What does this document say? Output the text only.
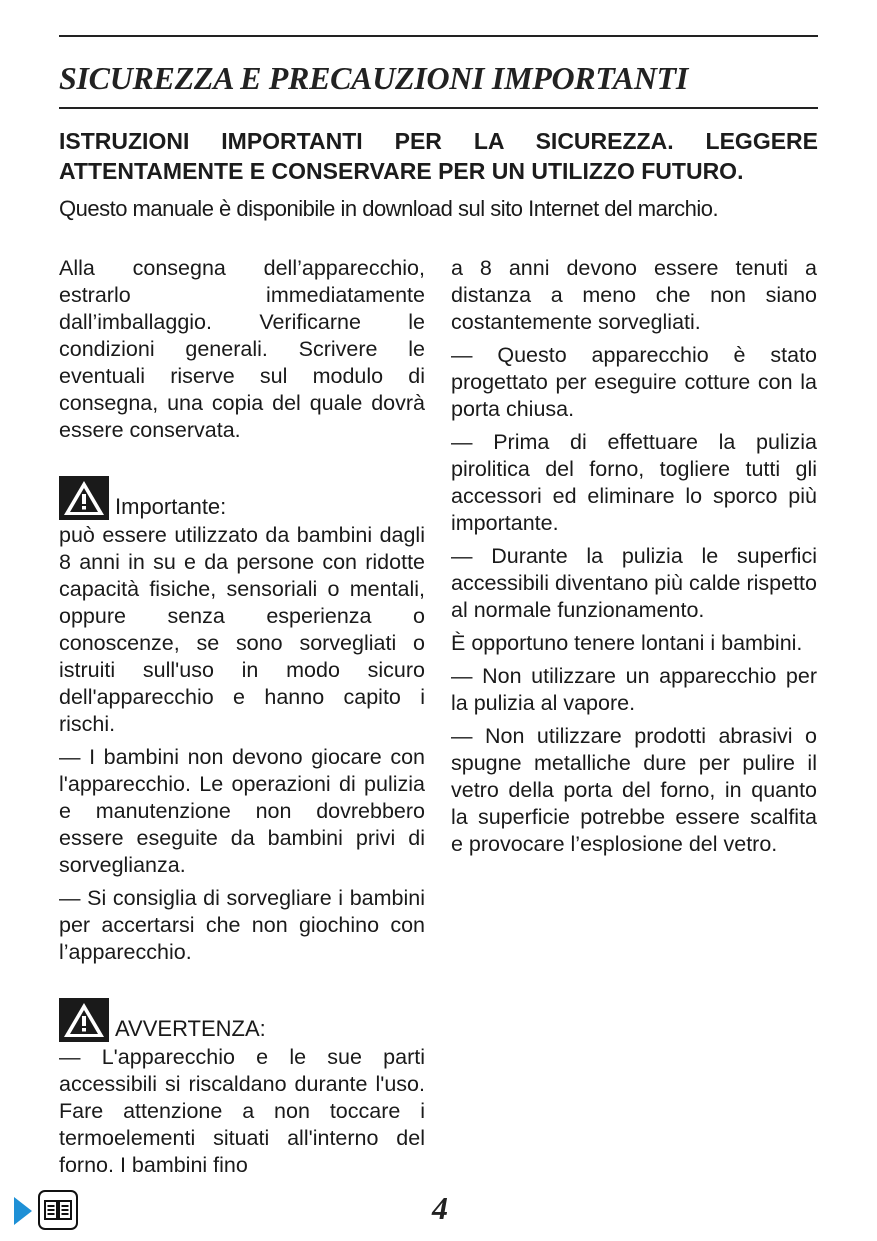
SICUREZZA E PRECAUZIONI IMPORTANTI

ISTRUZIONI IMPORTANTI PER LA SICUREZZA. LEGGERE ATTENTAMENTE E CONSERVARE PER UN UTILIZZO FUTURO.

Questo manuale è disponibile in download sul sito Internet del marchio.

Alla consegna dell’apparecchio, estrarlo immediatamente dall’imballaggio. Verificarne le condizioni generali. Scrivere le eventuali riserve sul modulo di consegna, una copia del quale dovrà essere conservata.

Importante:

può essere utilizzato da bambini dagli 8 anni in su e da persone con ridotte capacità fisiche, sensoriali o mentali, oppure senza esperienza o conoscenze, se sono sorvegliati o istruiti sull'uso in modo sicuro dell'apparecchio e hanno capito i rischi.

— I bambini non devono giocare con l'apparecchio. Le operazioni di pulizia e manutenzione non dovrebbero essere eseguite da bambini privi di sorveglianza.

— Si consiglia di sorvegliare i bambini per accertarsi che non giochino con l’apparecchio.

AVVERTENZA:

— L'apparecchio e le sue parti accessibili si riscaldano durante l'uso. Fare attenzione a non toccare i termoelementi situati all'interno del forno. I bambini fino

a 8 anni devono essere tenuti a distanza a meno che non siano costantemente sorvegliati.

— Questo apparecchio è stato progettato per eseguire cotture con la porta chiusa.

— Prima di effettuare la pulizia pirolitica del forno, togliere tutti gli accessori ed eliminare lo sporco più importante.

— Durante la pulizia le superfici accessibili diventano più calde rispetto al normale funzionamento.

È opportuno tenere lontani i bambini.

— Non utilizzare un apparecchio per la pulizia al vapore.

— Non utilizzare prodotti abrasivi o spugne metalliche dure per pulire il vetro della porta del forno, in quanto la superficie potrebbe essere scalfita e provocare l’esplosione del vetro.

4
